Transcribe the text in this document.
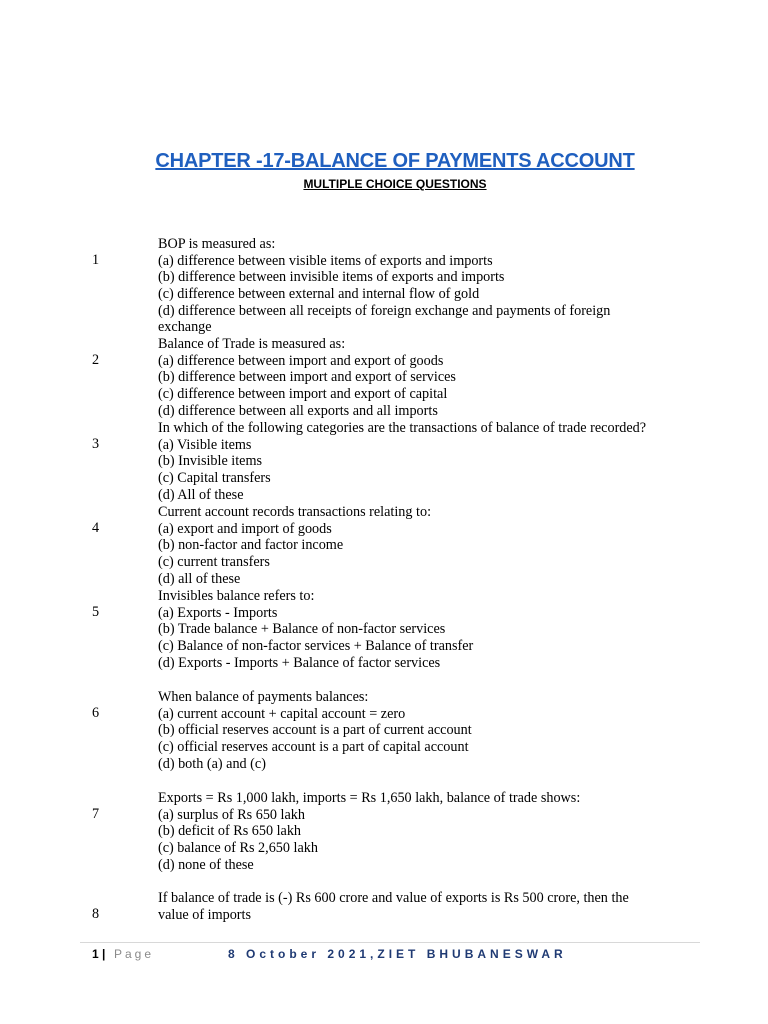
CHAPTER -17-BALANCE OF PAYMENTS ACCOUNT
MULTIPLE CHOICE QUESTIONS
1
BOP is measured as:
(a) difference between visible items of exports and imports
(b) difference between invisible items of exports and imports
(c) difference between external and internal flow of gold
(d) difference between all receipts of foreign exchange and payments of foreign
exchange
2
Balance of Trade is measured as:
(a) difference between import and export of goods
(b) difference between import and export of services
(c) difference between import and export of capital
(d) difference between all exports and all imports
3
In which of the following categories are the transactions of balance of trade recorded?
(a) Visible items
(b) Invisible items
(c) Capital transfers
(d) All of these
4
Current account records transactions relating to:
(a) export and import of goods
(b) non-factor and factor income
(c) current transfers
(d) all of these
5
Invisibles balance refers to:
(a) Exports - Imports
(b) Trade balance + Balance of non-factor services
(c) Balance of non-factor services + Balance of transfer
(d) Exports - Imports + Balance of factor services
6
When balance of payments balances:
(a) current account + capital account = zero
(b) official reserves account is a part of current account
(c) official reserves account is a part of capital account
(d) both (a) and (c)
7
Exports = Rs 1,000 lakh, imports = Rs 1,650 lakh, balance of trade shows:
(a) surplus of Rs 650 lakh
(b) deficit of Rs 650 lakh
(c) balance of Rs 2,650 lakh
(d) none of these
8
If balance of trade is (-) Rs 600 crore and value of exports is Rs 500 crore, then the
value of imports
1 | Page	8 October 2021,ZIET BHUBANESWAR
